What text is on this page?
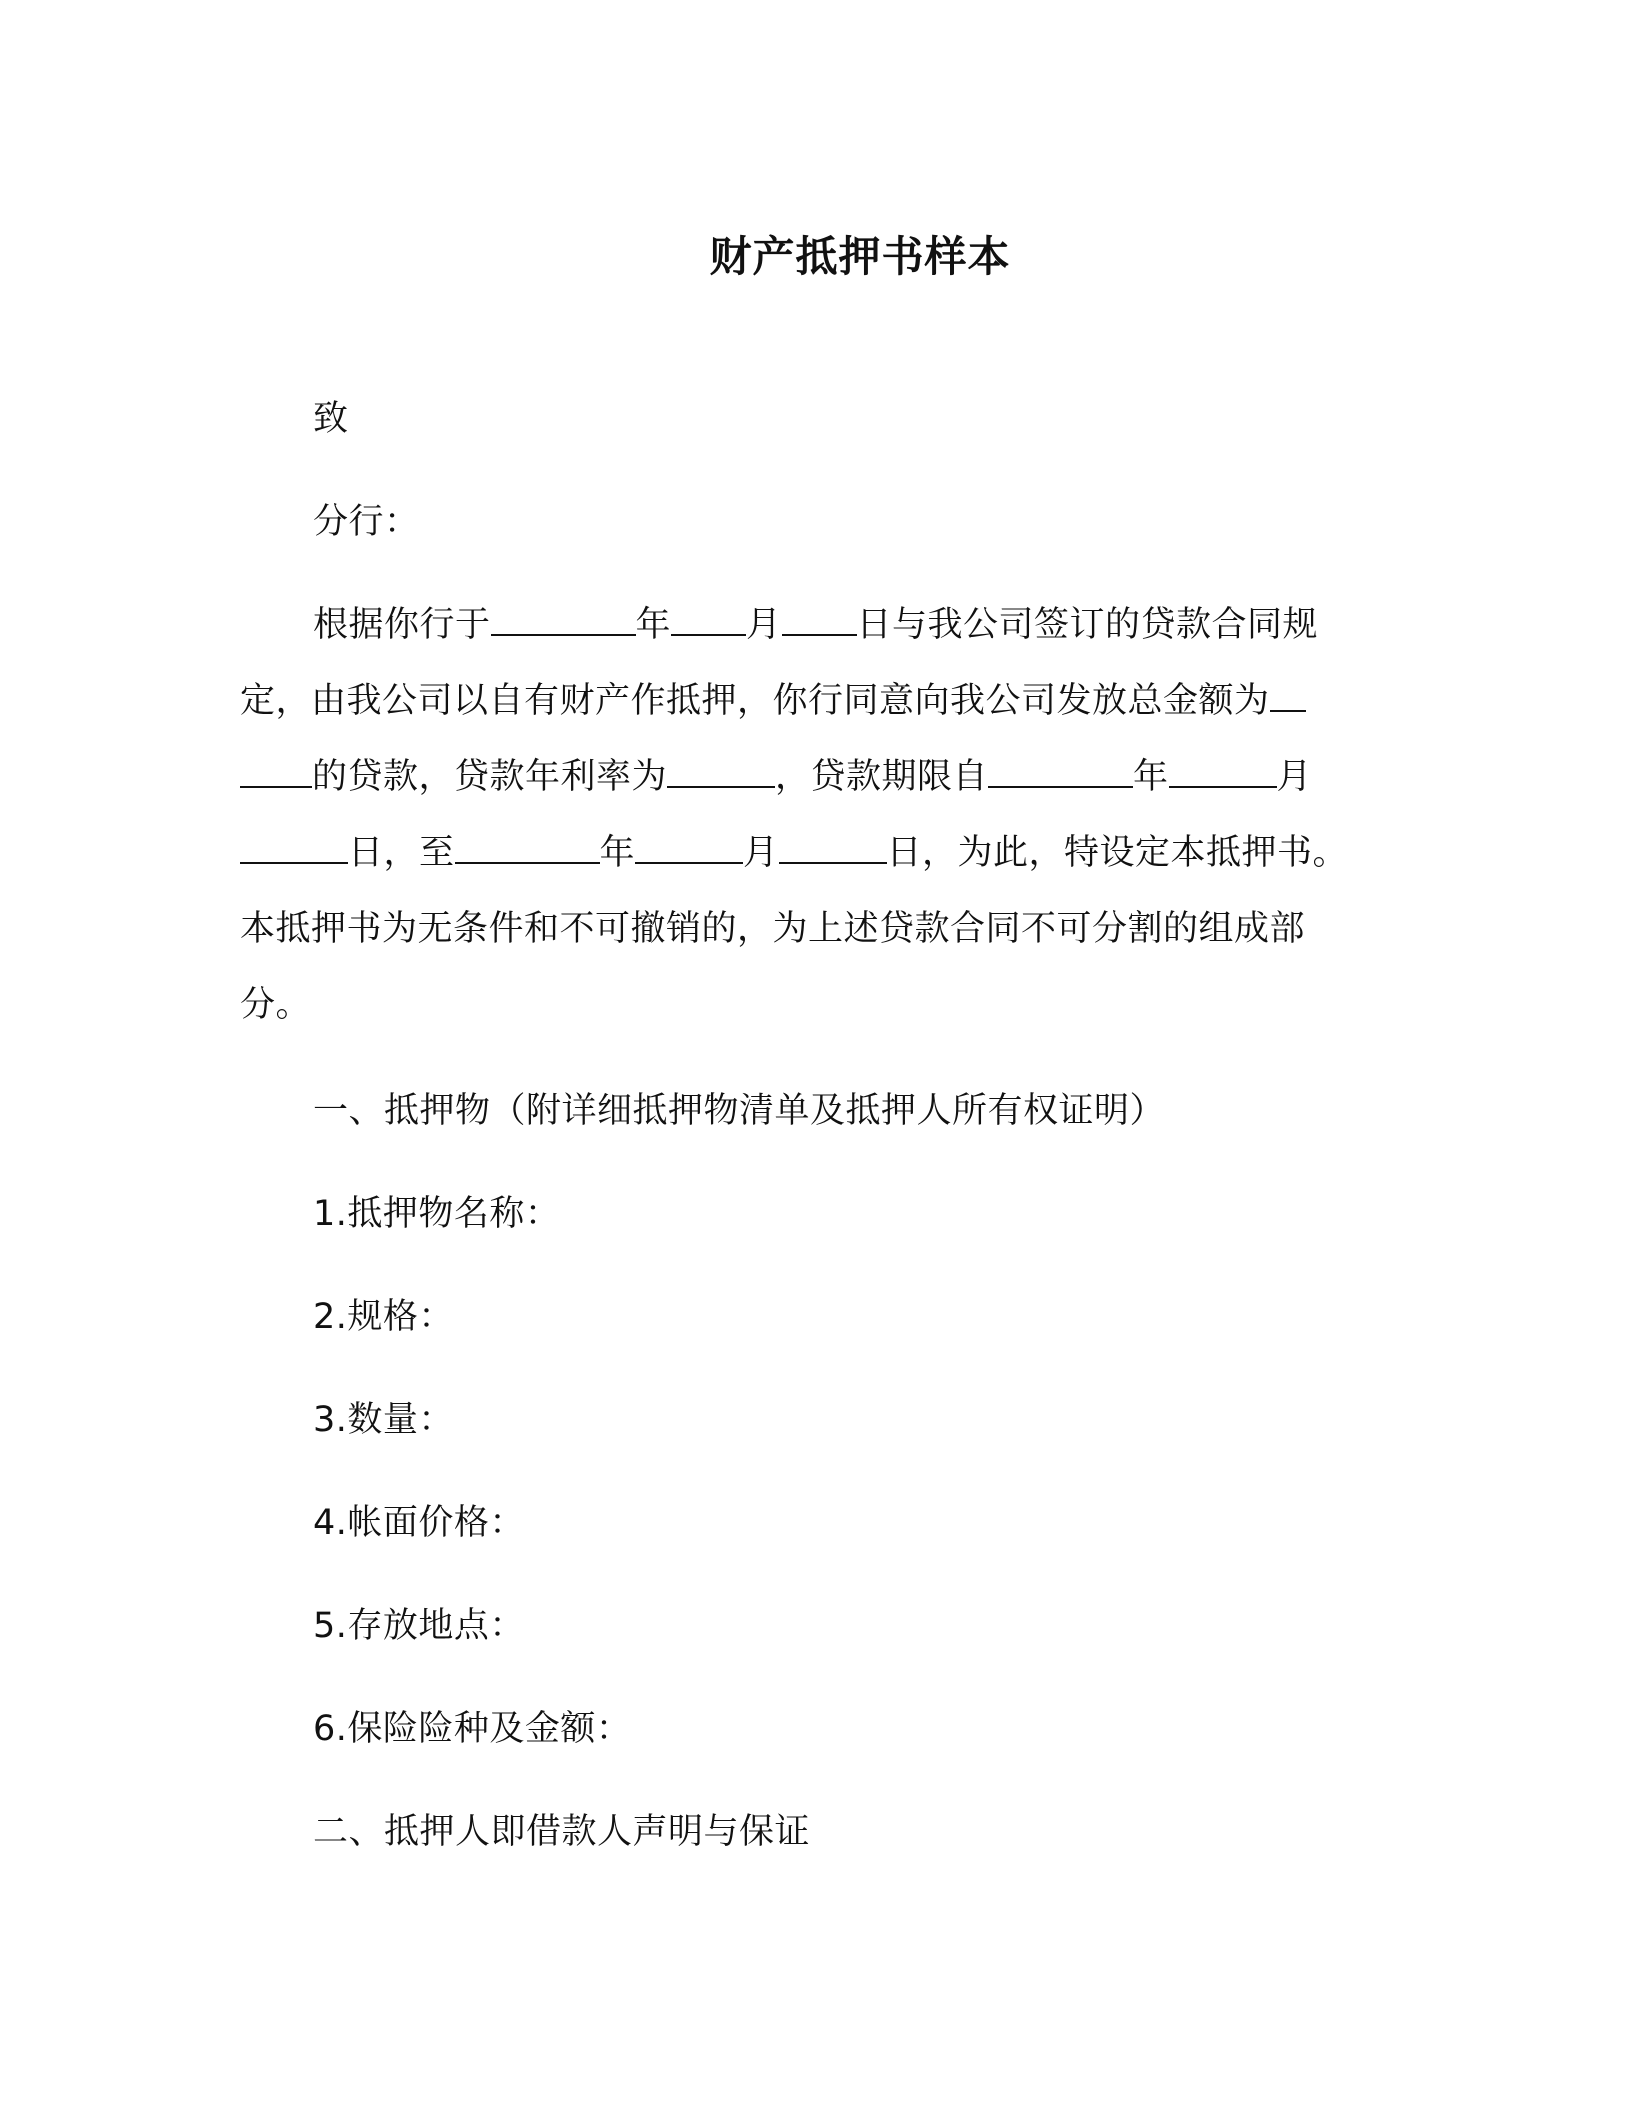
财产抵押书样本
致
分行：
根据你行于	年 月 日与我公司签订的贷款合同规
定，由我公司以自有财产作抵押，你行同意向我公司发放总金额为
的贷款，贷款年利率为	，贷款期限自	年	月
日，至	年	月	日，为此，特设定本抵押书。
本抵押书为无条件和不可撤销的，为上述贷款合同不可分割的组成部
分。
一、抵押物（附详细抵押物清单及抵押人所有权证明）
1.抵押物名称：
2.规格：
3.数量：
4.帐面价格：
5.存放地点：
6.保险险种及金额：
二、抵押人即借款人声明与保证
